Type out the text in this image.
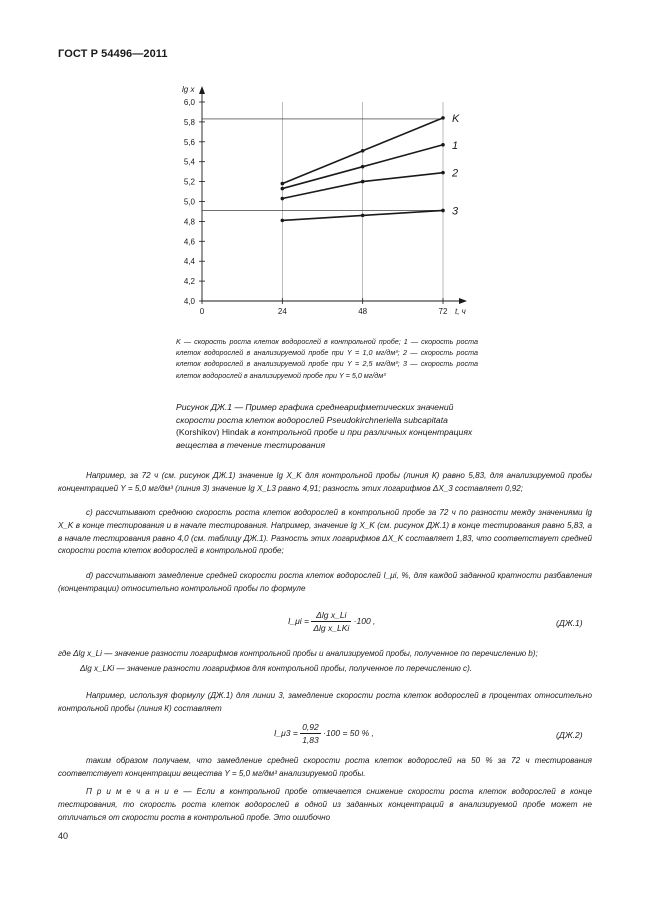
ГОСТ Р 54496—2011
4,0
4,2
4,4
4,6
4,8
5,0
5,2
5,4
5,6
5,8
6,0
0	24	48	72
lg x
t, ч
K
1
2
3
K — скорость роста клеток водорослей в контрольной пробе; 1 — скорость роста клеток водорослей в анализируемой пробе при Y = 1,0 мг/дм³; 2 — скорость роста клеток водорослей в анализируемой пробе при Y = 2,5 мг/дм³; 3 — скорость роста клеток водорослей в анализируемой пробе при Y = 5,0 мг/дм³
Рисунок ДЖ.1 — Пример графика среднеарифметических значений скорости роста клеток водорослей Pseudokirchneriella subcapitata (Korshikov) Hindak в контрольной пробе и при различных концентрациях вещества в течение тестирования
Например, за 72 ч (см. рисунок ДЖ.1) значение lg X_K для контрольной пробы (линия К) равно 5,83, для анализируемой пробы концентрацией Y = 5,0 мг/дм³ (линия 3) значение lg X_L3 равно 4,91; разность этих логарифмов ΔX_3 составляет 0,92;
с) рассчитывают среднюю скорость роста клеток водорослей в контрольной пробе за 72 ч по разности между значениями lg X_K в конце тестирования и в начале тестирования. Например, значение lg X_K (см. рисунок ДЖ.1) в конце тестирования равно 5,83, а в начале тестирования равно 4,0 (см. таблицу ДЖ.1). Разность этих логарифмов ΔX_K составляет 1,83, что соответствует средней скорости роста клеток водорослей в контрольной пробе;
d) рассчитывают замедление средней скорости роста клеток водорослей I_μi, %, для каждой заданной кратности разбавления (концентрации) относительно контрольной пробы по формуле
I_μi = $\frac{\text{Δlg x\_Li}}{\text{Δlg x\_LKi}} \cdot 100$ ,	(ДЖ.1)
где Δlg x_Li — значение разности логарифмов контрольной пробы и анализируемой пробы, полученное по перечислению b);
Δlg x_LKi — значение разности логарифмов для контрольной пробы, полученное по перечислению с).
Например, используя формулу (ДЖ.1) для линии 3, замедление скорости роста клеток водорослей в процентах относительно контрольной пробы (линия К) составляет
I_μ3 = $\frac{0,92}{1,83} \cdot 100 = 50$ % ,	(ДЖ.2)
таким образом получаем, что замедление средней скорости роста клеток водорослей на 50 % за 72 ч тестирования соответствует концентрации вещества Y = 5,0 мг/дм³ анализируемой пробы.
П р и м е ч а н и е — Если в контрольной пробе отмечается снижение скорости роста клеток водорослей в конце тестирования, то скорость роста клеток водорослей в одной из заданных концентраций в анализируемой пробе может не отличаться от скорости роста в контрольной пробе. Это ошибочно
40
